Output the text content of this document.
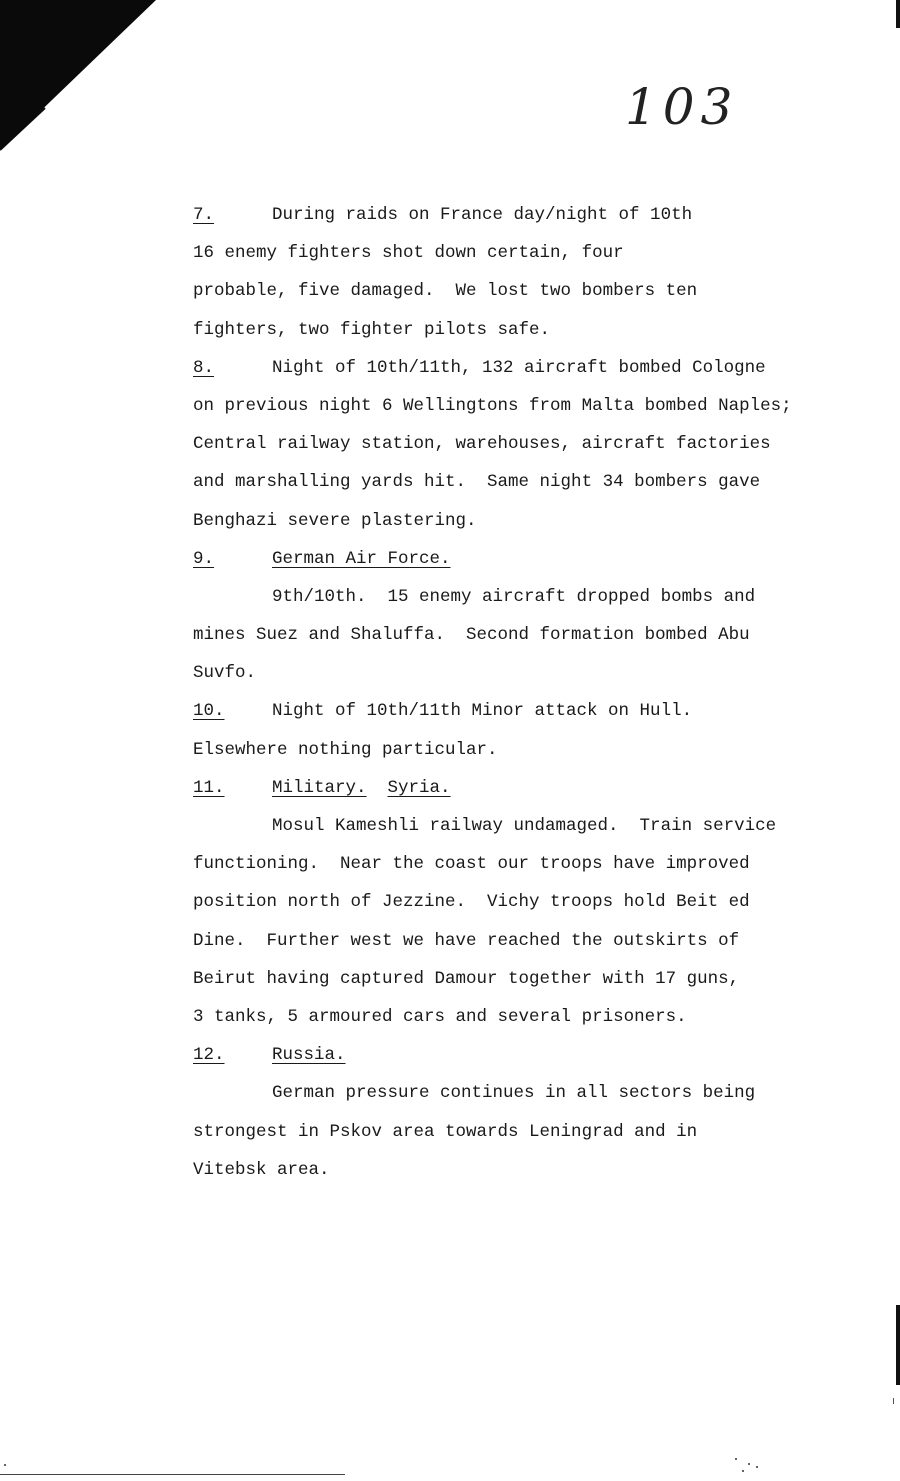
103
7.	During raids on France day/night of 10th
16 enemy fighters shot down certain, four
probable, five damaged.  We lost two bombers ten
fighters, two fighter pilots safe.
8.	Night of 10th/11th, 132 aircraft bombed Cologne
on previous night 6 Wellingtons from Malta bombed Naples;
Central railway station, warehouses, aircraft factories
and marshalling yards hit.  Same night 34 bombers gave
Benghazi severe plastering.
9.	German Air Force.
9th/10th.  15 enemy aircraft dropped bombs and
mines Suez and Shaluffa.  Second formation bombed Abu
Suvfo.
10.	Night of 10th/11th Minor attack on Hull.
Elsewhere nothing particular.
11.	Military. Syria.
Mosul Kameshli railway undamaged.  Train service
functioning.  Near the coast our troops have improved
position north of Jezzine.  Vichy troops hold Beit ed
Dine.  Further west we have reached the outskirts of
Beirut having captured Damour together with 17 guns,
3 tanks, 5 armoured cars and several prisoners.
12.	Russia.
German pressure continues in all sectors being
strongest in Pskov area towards Leningrad and in
Vitebsk area.
